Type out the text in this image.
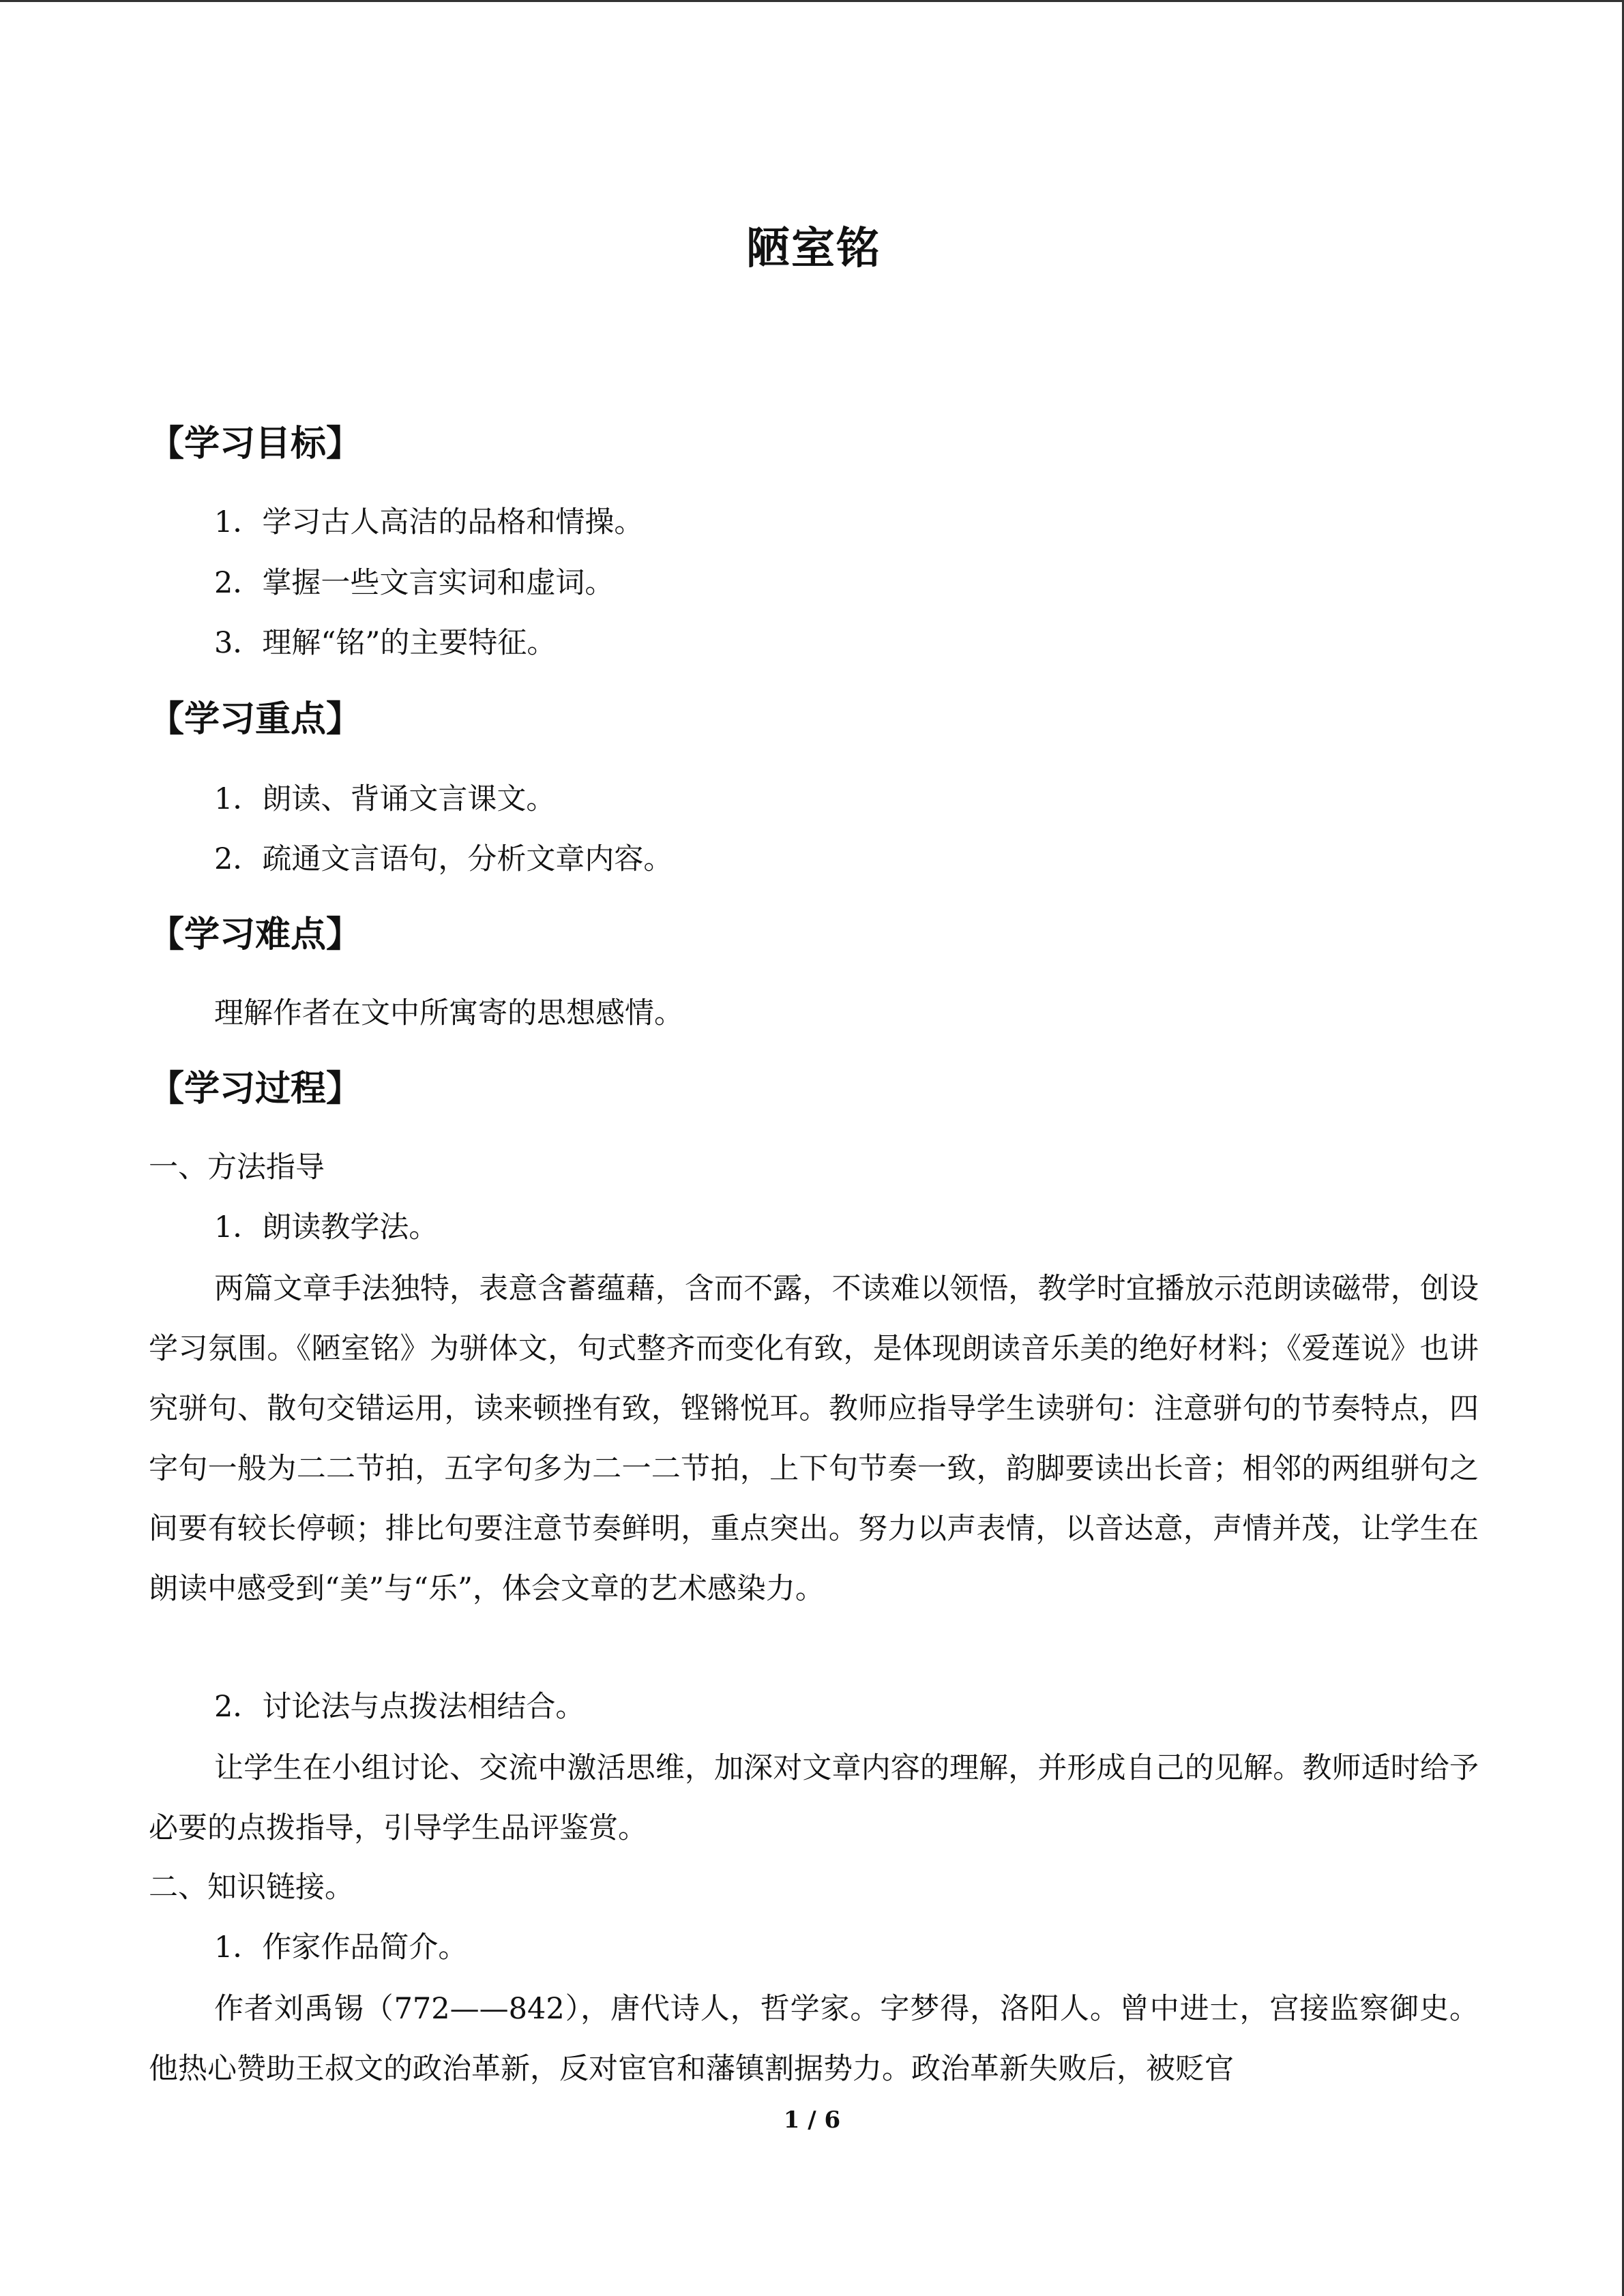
陋室铭
【学习目标】
1．学习古人高洁的品格和情操。
2．掌握一些文言实词和虚词。
3．理解“铭”的主要特征。
【学习重点】
1．朗读、背诵文言课文。
2．疏通文言语句，分析文章内容。
【学习难点】
理解作者在文中所寓寄的思想感情。
【学习过程】
一、方法指导
1．朗读教学法。
两篇文章手法独特，表意含蓄蕴藉，含而不露，不读难以领悟，教学时宜播放示范朗读磁带，创设学习氛围。《陋室铭》为骈体文，句式整齐而变化有致，是体现朗读音乐美的绝好材料；《爱莲说》也讲究骈句、散句交错运用，读来顿挫有致，铿锵悦耳。教师应指导学生读骈句：注意骈句的节奏特点，四字句一般为二二节拍，五字句多为二一二节拍，上下句节奏一致，韵脚要读出长音；相邻的两组骈句之间要有较长停顿；排比句要注意节奏鲜明，重点突出。努力以声表情，以音达意，声情并茂，让学生在朗读中感受到“美”与“乐”，体会文章的艺术感染力。
2．讨论法与点拨法相结合。
让学生在小组讨论、交流中激活思维，加深对文章内容的理解，并形成自己的见解。教师适时给予必要的点拨指导，引导学生品评鉴赏。
二、知识链接。
1．作家作品简介。
作者刘禹锡（772——842），唐代诗人，哲学家。字梦得，洛阳人。曾中进士，宫接监察御史。他热心赞助王叔文的政治革新，反对宦官和藩镇割据势力。政治革新失败后，被贬官
1 / 6
